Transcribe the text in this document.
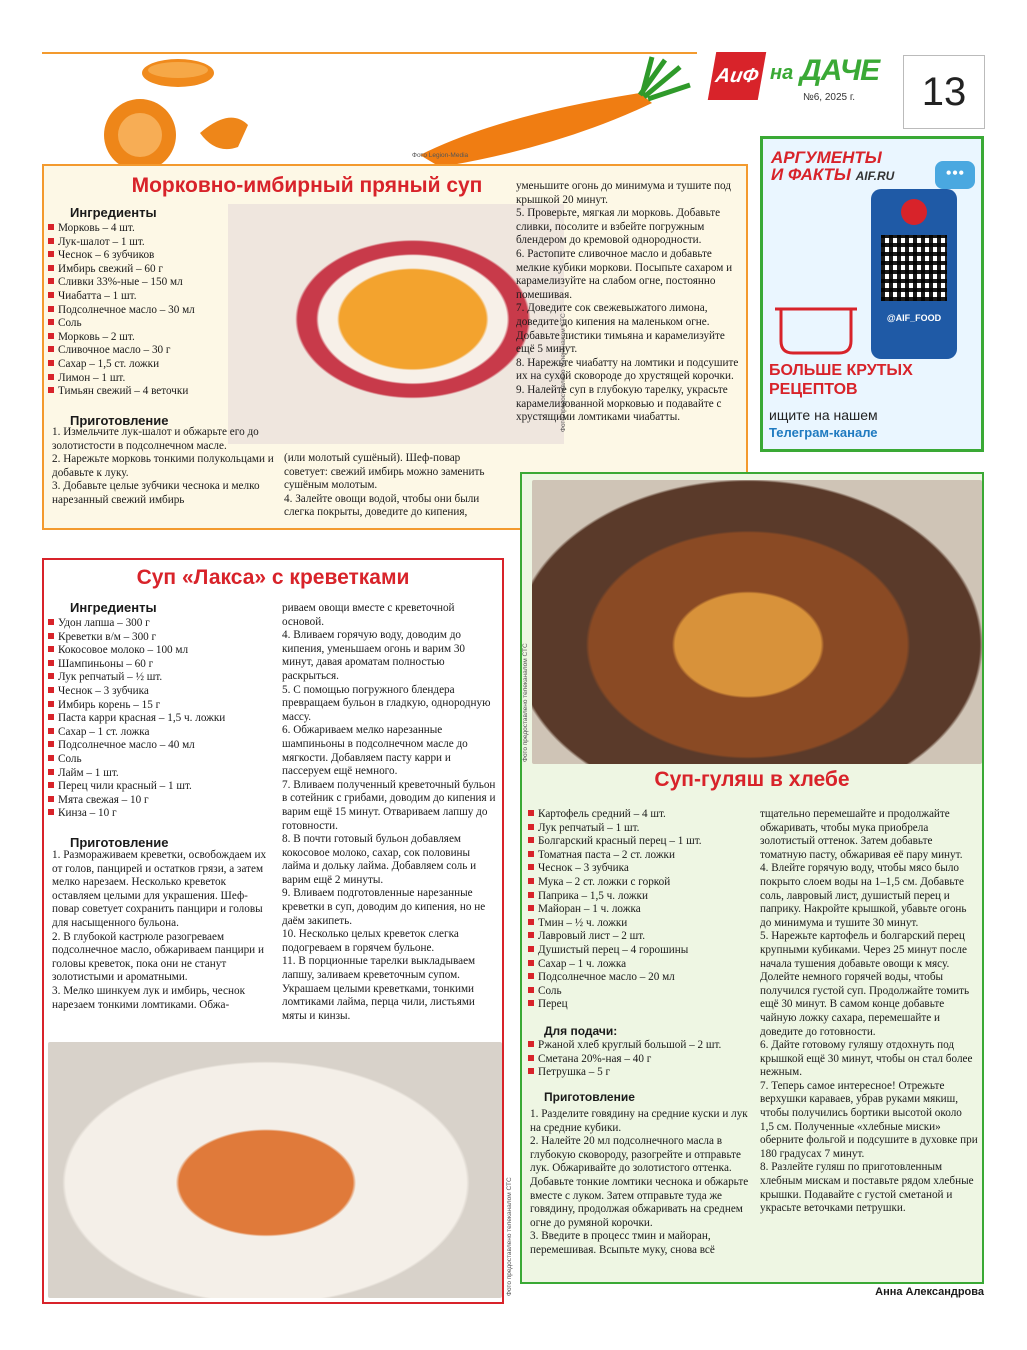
Фото Legion-Media
АиФ на ДАЧЕ
№6, 2025 г.	13
АРГУМЕНТЫ
И ФАКТЫ AIF.RU	•••
@AIF_FOOD
БОЛЬШЕ КРУТЫХ
РЕЦЕПТОВ
ищите на нашем
Телеграм-канале
Морковно-имбирный пряный суп
Фото предоставлено телеканалом СТС
Ингредиенты
Морковь – 4 шт.
Лук-шалот – 1 шт.
Чеснок – 6 зубчиков
Имбирь свежий – 60 г
Сливки 33%-ные – 150 мл
Чиабатта – 1 шт.
Подсолнечное масло – 30 мл
Соль
Морковь – 2 шт.
Сливочное масло – 30 г
Сахар – 1,5 ст. ложки
Лимон – 1 шт.
Тимьян свежий – 4 веточки
Приготовление
1. Измельчите лук-шалот и обжарьте его до золотистости в подсолнечном масле.
2. Нарежьте морковь тонкими полукольцами и добавьте к луку.
3. Добавьте целые зубчики чеснока и мелко нарезанный свежий имбирь
(или молотый сушёный). Шеф-повар советует: свежий имбирь можно заменить сушёным молотым.
4. Залейте овощи водой, чтобы они были слегка покрыты, доведите до кипения,
уменьшите огонь до минимума и тушите под крышкой 20 минут.
5. Проверьте, мягкая ли морковь. Добавьте сливки, посолите и взбейте погружным блендером до кремовой однородности.
6. Растопите сливочное масло и добавьте мелкие кубики моркови. Посыпьте сахаром и карамелизуйте на слабом огне, постоянно помешивая.
7. Доведите сок свежевыжатого лимона, доведите до кипения на маленьком огне. Добавьте листики тимьяна и карамелизуйте ещё 5 минут.
8. Нарежьте чиабатту на ломтики и подсушите их на сухой сковороде до хрустящей корочки.
9. Налейте суп в глубокую тарелку, украсьте карамелизованной морковью и подавайте с хрустящими ломтиками чиабатты.
Суп «Лакса» с креветками
Ингредиенты
Удон лапша – 300 г
Креветки в/м – 300 г
Кокосовое молоко – 100 мл
Шампиньоны – 60 г
Лук репчатый – ½ шт.
Чеснок – 3 зубчика
Имбирь корень – 15 г
Паста карри красная – 1,5 ч. ложки
Сахар – 1 ст. ложка
Подсолнечное масло – 40 мл
Соль
Лайм – 1 шт.
Перец чили красный – 1 шт.
Мята свежая – 10 г
Кинза – 10 г
Приготовление
1. Размораживаем креветки, освобождаем их от голов, панцирей и остатков грязи, а затем мелко нарезаем. Несколько креветок оставляем целыми для украшения. Шеф-повар советует сохранить панцири и головы для насыщенного бульона.
2. В глубокой кастрюле разогреваем подсолнечное масло, обжариваем панцири и головы креветок, пока они не станут золотистыми и ароматными.
3. Мелко шинкуем лук и имбирь, чеснок нарезаем тонкими ломтиками. Обжа-
риваем овощи вместе с креветочной основой.
4. Вливаем горячую воду, доводим до кипения, уменьшаем огонь и варим 30 минут, давая ароматам полностью раскрыться.
5. С помощью погружного блендера превращаем бульон в гладкую, однородную массу.
6. Обжариваем мелко нарезанные шампиньоны в подсолнечном масле до мягкости. Добавляем пасту карри и пассеруем ещё немного.
7. Вливаем полученный креветочный бульон в сотейник с грибами, доводим до кипения и варим ещё 15 минут. Отвариваем лапшу до готовности.
8. В почти готовый бульон добавляем кокосовое молоко, сахар, сок половины лайма и дольку лайма. Добавляем соль и варим ещё 2 минуты.
9. Вливаем подготовленные нарезанные креветки в суп, доводим до кипения, но не даём закипеть.
10. Несколько целых креветок слегка подогреваем в горячем бульоне.
11. В порционные тарелки выкладываем лапшу, заливаем креветочным супом. Украшаем целыми креветками, тонкими ломтиками лайма, перца чили, листьями мяты и кинзы.
Фото предоставлено телеканалом СТС
Фото предоставлено телеканалом СТС
Суп-гуляш в хлебе
Картофель средний – 4 шт.
Лук репчатый – 1 шт.
Болгарский красный перец – 1 шт.
Томатная паста – 2 ст. ложки
Чеснок – 3 зубчика
Мука – 2 ст. ложки с горкой
Паприка – 1,5 ч. ложки
Майоран – 1 ч. ложка
Тмин – ½ ч. ложки
Лавровый лист – 2 шт.
Душистый перец – 4 горошины
Сахар – 1 ч. ложка
Подсолнечное масло – 20 мл
Соль
Перец
Для подачи:
Ржаной хлеб круглый большой – 2 шт.
Сметана 20%-ная – 40 г
Петрушка – 5 г
Приготовление
1. Разделите говядину на средние куски и лук на средние кубики.
2. Налейте 20 мл подсолнечного масла в глубокую сковороду, разогрейте и отправьте лук. Обжаривайте до золотистого оттенка. Добавьте тонкие ломтики чеснока и обжарьте вместе с луком. Затем отправьте туда же говядину, продолжая обжаривать на среднем огне до румяной корочки.
3. Введите в процесс тмин и майоран, перемешивая. Всыпьте муку, снова всё
тщательно перемешайте и продолжайте обжаривать, чтобы мука приобрела золотистый оттенок. Затем добавьте томатную пасту, обжаривая её пару минут.
4. Влейте горячую воду, чтобы мясо было покрыто слоем воды на 1–1,5 см. Добавьте соль, лавровый лист, душистый перец и паприку. Накройте крышкой, убавьте огонь до минимума и тушите 30 минут.
5. Нарежьте картофель и болгарский перец крупными кубиками. Через 25 минут после начала тушения добавьте овощи к мясу. Долейте немного горячей воды, чтобы получился густой суп. Продолжайте томить ещё 30 минут. В самом конце добавьте чайную ложку сахара, перемешайте и доведите до готовности.
6. Дайте готовому гуляшу отдохнуть под крышкой ещё 30 минут, чтобы он стал более нежным.
7. Теперь самое интересное! Отрежьте верхушки караваев, убрав руками мякиш, чтобы получились бортики высотой около 1,5 см. Полученные «хлебные миски» оберните фольгой и подсушите в духовке при 180 градусах 7 минут.
8. Разлейте гуляш по приготовленным хлебным мискам и поставьте рядом хлебные крышки. Подавайте с густой сметаной и украсьте веточками петрушки.
Анна Александрова
